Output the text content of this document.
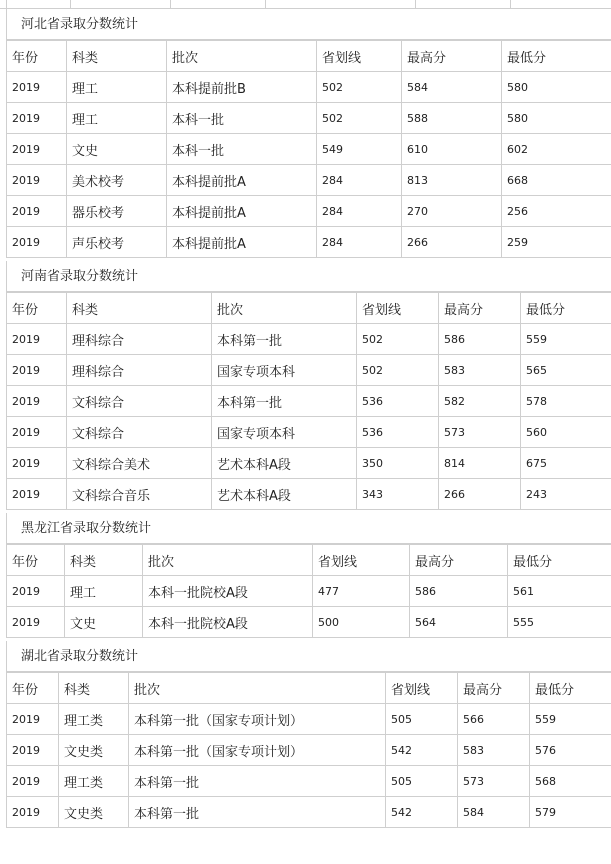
河北省录取分数统计
年份	科类	批次	省划线	最高分	最低分
2019	理工	本科提前批B	502	584	580
2019	理工	本科一批	502	588	580
2019	文史	本科一批	549	610	602
2019	美术校考	本科提前批A	284	813	668
2019	器乐校考	本科提前批A	284	270	256
2019	声乐校考	本科提前批A	284	266	259
河南省录取分数统计
年份	科类	批次	省划线	最高分	最低分
2019	理科综合	本科第一批	502	586	559
2019	理科综合	国家专项本科	502	583	565
2019	文科综合	本科第一批	536	582	578
2019	文科综合	国家专项本科	536	573	560
2019	文科综合美术	艺术本科A段	350	814	675
2019	文科综合音乐	艺术本科A段	343	266	243
黑龙江省录取分数统计
年份	科类	批次	省划线	最高分	最低分
2019	理工	本科一批院校A段	477	586	561
2019	文史	本科一批院校A段	500	564	555
湖北省录取分数统计
年份	科类	批次	省划线	最高分	最低分
2019	理工类	本科第一批（国家专项计划）	505	566	559
2019	文史类	本科第一批（国家专项计划）	542	583	576
2019	理工类	本科第一批	505	573	568
2019	文史类	本科第一批	542	584	579
